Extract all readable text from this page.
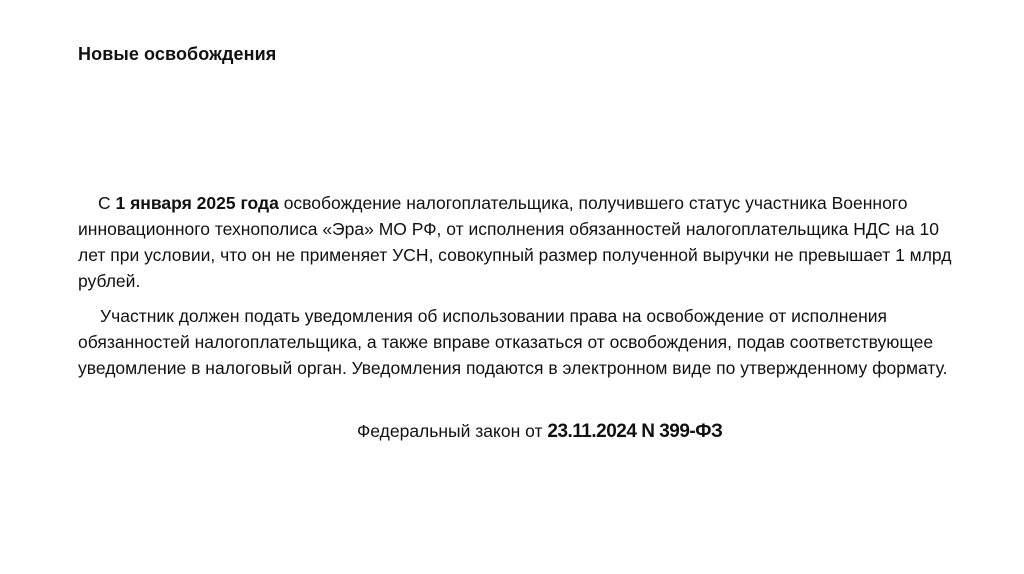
Новые освобождения
С 1 января 2025 года освобождение налогоплательщика, получившего статус участника Военного инновационного технополиса «Эра» МО РФ, от исполнения обязанностей налогоплательщика НДС на 10 лет при условии, что он не применяет УСН, совокупный размер полученной выручки не превышает 1 млрд рублей.
Участник должен подать уведомления об использовании права на освобождение от исполнения обязанностей налогоплательщика, а также вправе отказаться от освобождения, подав соответствующее уведомление в налоговый орган. Уведомления подаются в электронном виде по утвержденному формату.
Федеральный закон от 23.11.2024 N 399-ФЗ
